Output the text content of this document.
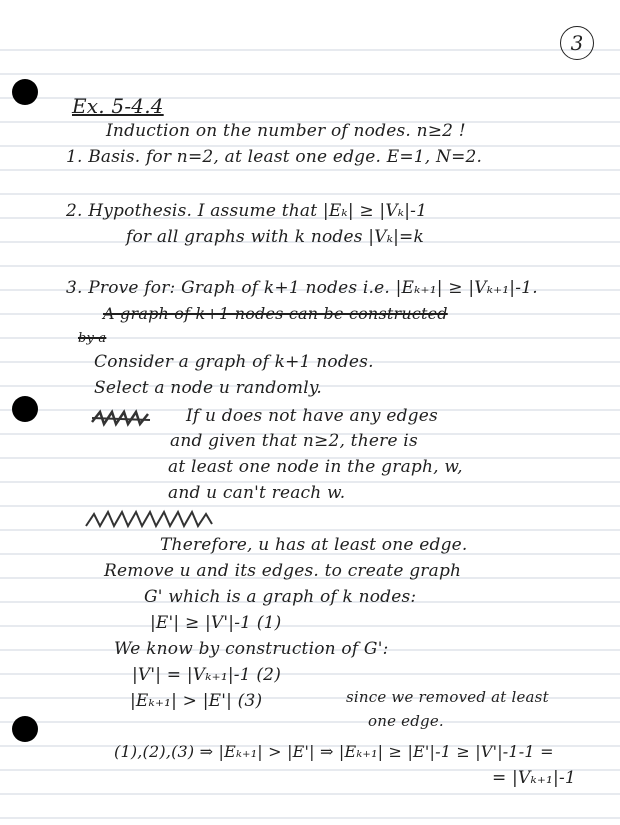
3
Ex. 5-4.4
Induction on the number of nodes. n≥2 !
1. Basis. for n=2, at least one edge. E=1, N=2.
2. Hypothesis. I assume that |Eₖ| ≥ |Vₖ|-1
for all graphs with k nodes |Vₖ|=k
3. Prove for: Graph of k+1 nodes i.e. |Eₖ₊₁| ≥ |Vₖ₊₁|-1.
A graph of k+1 nodes can be constructed
by a
Consider a graph of k+1 nodes.
Select a node u randomly.
If u does not have any edges
and given that n≥2, there is
at least one node in the graph, w,
and u can't reach w.
Therefore, u has at least one edge.
Remove u and its edges. to create graph
G' which is a graph of k nodes:
|E'| ≥ |V'|-1 (1)
We know by construction of G':
|V'| = |Vₖ₊₁|-1 (2)
|Eₖ₊₁| > |E'| (3)	since we removed at least
one edge.
(1),(2),(3) ⇒ |Eₖ₊₁| > |E'| ⇒ |Eₖ₊₁| ≥ |E'|-1 ≥ |V'|-1-1 =
= |Vₖ₊₁|-1
